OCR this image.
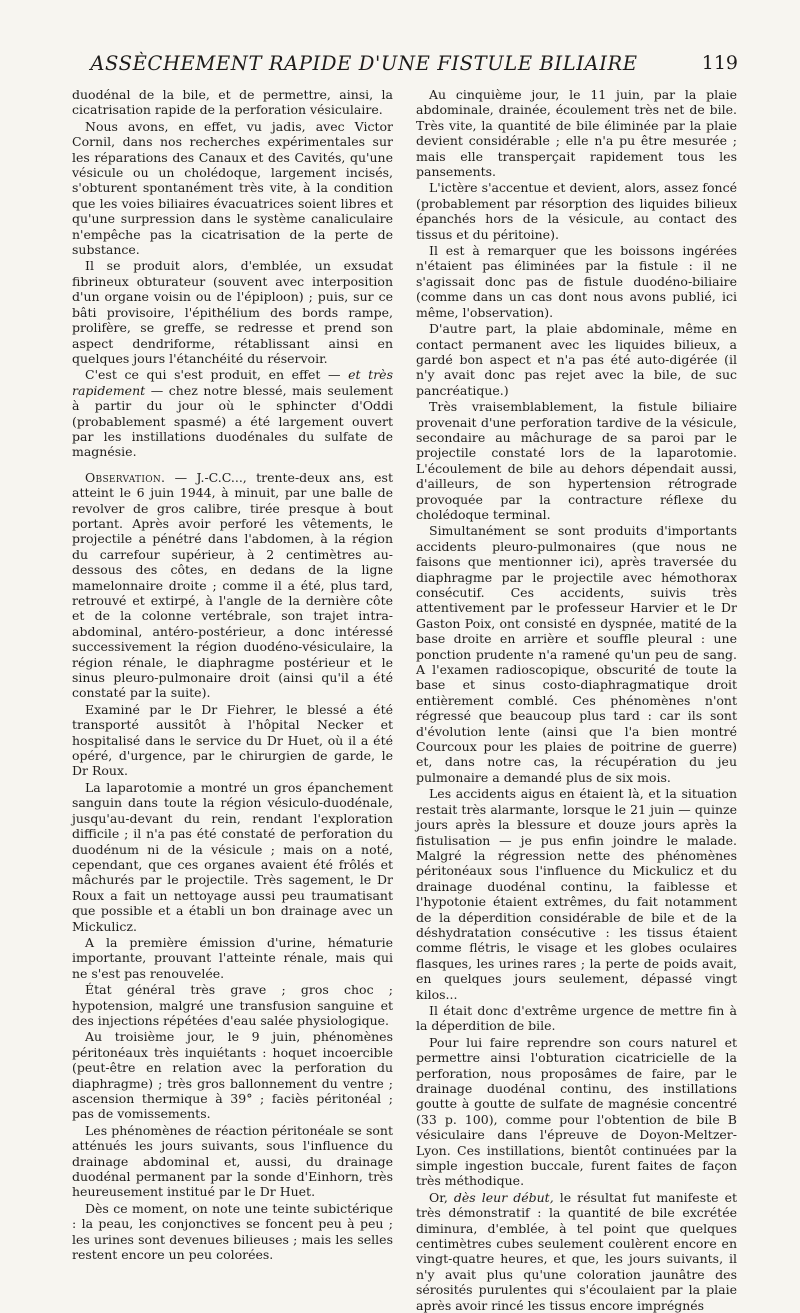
ASSÈCHEMENT RAPIDE D'UNE FISTULE BILIAIRE	119

duodénal de la bile, et de permettre, ainsi, la cicatrisation rapide de la perforation vésiculaire.

Nous avons, en effet, vu jadis, avec Victor Cornil, dans nos recherches expérimentales sur les réparations des Canaux et des Cavités, qu'une vésicule ou un cholédoque, largement incisés, s'obturent spontanément très vite, à la condition que les voies biliaires évacuatrices soient libres et qu'une surpression dans le système canaliculaire n'empêche pas la cicatrisation de la perte de substance.

Il se produit alors, d'emblée, un exsudat fibrineux obturateur (souvent avec interposition d'un organe voisin ou de l'épiploon) ; puis, sur ce bâti provisoire, l'épithélium des bords rampe, prolifère, se greffe, se redresse et prend son aspect dendriforme, rétablissant ainsi en quelques jours l'étanchéité du réservoir.

C'est ce qui s'est produit, en effet — et très rapidement — chez notre blessé, mais seulement à partir du jour où le sphincter d'Oddi (probablement spasmé) a été largement ouvert par les instillations duodénales du sulfate de magnésie.

Observation. — J.-C.C..., trente-deux ans, est atteint le 6 juin 1944, à minuit, par une balle de revolver de gros calibre, tirée presque à bout portant. Après avoir perforé les vêtements, le projectile a pénétré dans l'abdomen, à la région du carrefour supérieur, à 2 centimètres au-dessous des côtes, en dedans de la ligne mamelonnaire droite ; comme il a été, plus tard, retrouvé et extirpé, à l'angle de la dernière côte et de la colonne vertébrale, son trajet intra-abdominal, antéro-postérieur, a donc intéressé successivement la région duodéno-vésiculaire, la région rénale, le diaphragme postérieur et le sinus pleuro-pulmonaire droit (ainsi qu'il a été constaté par la suite).

Examiné par le Dr Fiehrer, le blessé a été transporté aussitôt à l'hôpital Necker et hospitalisé dans le service du Dr Huet, où il a été opéré, d'urgence, par le chirurgien de garde, le Dr Roux.

La laparotomie a montré un gros épanchement sanguin dans toute la région vésiculo-duodénale, jusqu'au-devant du rein, rendant l'exploration difficile ; il n'a pas été constaté de perforation du duodénum ni de la vésicule ; mais on a noté, cependant, que ces organes avaient été frôlés et mâchurés par le projectile. Très sagement, le Dr Roux a fait un nettoyage aussi peu traumatisant que possible et a établi un bon drainage avec un Mickulicz.

A la première émission d'urine, hématurie importante, prouvant l'atteinte rénale, mais qui ne s'est pas renouvelée.

État général très grave ; gros choc ; hypotension, malgré une transfusion sanguine et des injections répétées d'eau salée physiologique.

Au troisième jour, le 9 juin, phénomènes péritonéaux très inquiétants : hoquet incoercible (peut-être en relation avec la perforation du diaphragme) ; très gros ballonnement du ventre ; ascension thermique à 39° ; faciès péritonéal ; pas de vomissements.

Les phénomènes de réaction péritonéale se sont atténués les jours suivants, sous l'influence du drainage abdominal et, aussi, du drainage duodénal permanent par la sonde d'Einhorn, très heureusement institué par le Dr Huet.

Dès ce moment, on note une teinte subictérique : la peau, les conjonctives se foncent peu à peu ; les urines sont devenues bilieuses ; mais les selles restent encore un peu colorées.

Au cinquième jour, le 11 juin, par la plaie abdominale, drainée, écoulement très net de bile. Très vite, la quantité de bile éliminée par la plaie devient considérable ; elle n'a pu être mesurée ; mais elle transperçait rapidement tous les pansements.

L'ictère s'accentue et devient, alors, assez foncé (probablement par résorption des liquides bilieux épanchés hors de la vésicule, au contact des tissus et du péritoine).

Il est à remarquer que les boissons ingérées n'étaient pas éliminées par la fistule : il ne s'agissait donc pas de fistule duodéno-biliaire (comme dans un cas dont nous avons publié, ici même, l'observation).

D'autre part, la plaie abdominale, même en contact permanent avec les liquides bilieux, a gardé bon aspect et n'a pas été auto-digérée (il n'y avait donc pas rejet avec la bile, de suc pancréatique.)

Très vraisemblablement, la fistule biliaire provenait d'une perforation tardive de la vésicule, secondaire au mâchurage de sa paroi par le projectile constaté lors de la laparotomie. L'écoulement de bile au dehors dépendait aussi, d'ailleurs, de son hypertension rétrograde provoquée par la contracture réflexe du cholédoque terminal.

Simultanément se sont produits d'importants accidents pleuro-pulmonaires (que nous ne faisons que mentionner ici), après traversée du diaphragme par le projectile avec hémothorax consécutif. Ces accidents, suivis très attentivement par le professeur Harvier et le Dr Gaston Poix, ont consisté en dyspnée, matité de la base droite en arrière et souffle pleural : une ponction prudente n'a ramené qu'un peu de sang. A l'examen radioscopique, obscurité de toute la base et sinus costo-diaphragmatique droit entièrement comblé. Ces phénomènes n'ont régressé que beaucoup plus tard : car ils sont d'évolution lente (ainsi que l'a bien montré Courcoux pour les plaies de poitrine de guerre) et, dans notre cas, la récupération du jeu pulmonaire a demandé plus de six mois.

Les accidents aigus en étaient là, et la situation restait très alarmante, lorsque le 21 juin — quinze jours après la blessure et douze jours après la fistulisation — je pus enfin joindre le malade. Malgré la régression nette des phénomènes péritonéaux sous l'influence du Mickulicz et du drainage duodénal continu, la faiblesse et l'hypotonie étaient extrêmes, du fait notamment de la déperdition considérable de bile et de la déshydratation consécutive : les tissus étaient comme flétris, le visage et les globes oculaires flasques, les urines rares ; la perte de poids avait, en quelques jours seulement, dépassé vingt kilos...

Il était donc d'extrême urgence de mettre fin à la déperdition de bile.

Pour lui faire reprendre son cours naturel et permettre ainsi l'obturation cicatricielle de la perforation, nous proposâmes de faire, par le drainage duodénal continu, des instillations goutte à goutte de sulfate de magnésie concentré (33 p. 100), comme pour l'obtention de bile B vésiculaire dans l'épreuve de Doyon-Meltzer-Lyon. Ces instillations, bientôt continuées par la simple ingestion buccale, furent faites de façon très méthodique.

Or, dès leur début, le résultat fut manifeste et très démonstratif : la quantité de bile excrétée diminura, d'emblée, à tel point que quelques centimètres cubes seulement coulèrent encore en vingt-quatre heures, et que, les jours suivants, il n'y avait plus qu'une coloration jaunâtre des sérosités purulentes qui s'écoulaient par la plaie après avoir rincé les tissus encore imprégnés
